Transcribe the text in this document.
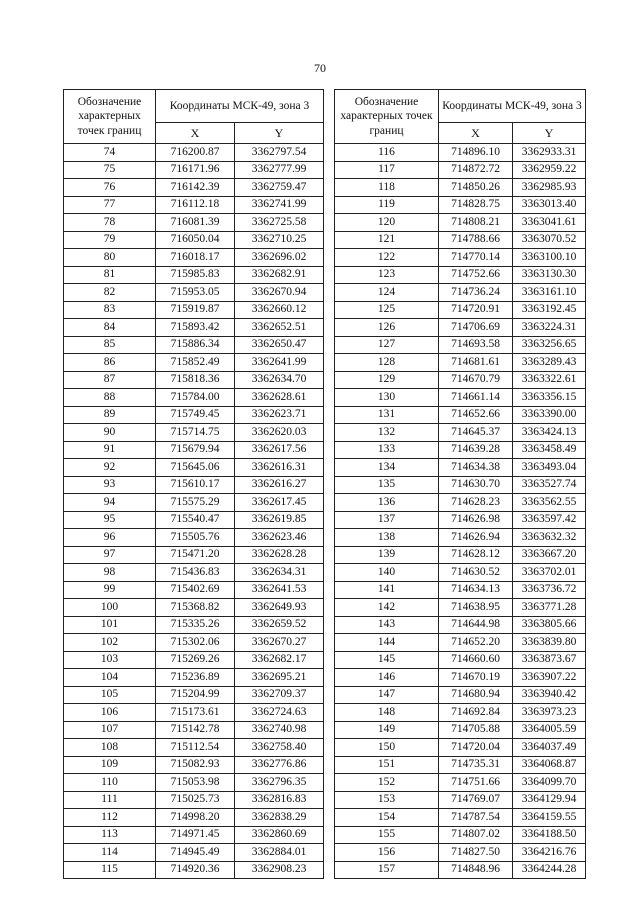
70
Обозначение характерных точек границ	Координаты МСК-49, зона 3	
	X	Y
74	716200.87	3362797.54
75	716171.96	3362777.99
76	716142.39	3362759.47
77	716112.18	3362741.99
78	716081.39	3362725.58
79	716050.04	3362710.25
80	716018.17	3362696.02
81	715985.83	3362682.91
82	715953.05	3362670.94
83	715919.87	3362660.12
84	715893.42	3362652.51
85	715886.34	3362650.47
86	715852.49	3362641.99
87	715818.36	3362634.70
88	715784.00	3362628.61
89	715749.45	3362623.71
90	715714.75	3362620.03
91	715679.94	3362617.56
92	715645.06	3362616.31
93	715610.17	3362616.27
94	715575.29	3362617.45
95	715540.47	3362619.85
96	715505.76	3362623.46
97	715471.20	3362628.28
98	715436.83	3362634.31
99	715402.69	3362641.53
100	715368.82	3362649.93
101	715335.26	3362659.52
102	715302.06	3362670.27
103	715269.26	3362682.17
104	715236.89	3362695.21
105	715204.99	3362709.37
106	715173.61	3362724.63
107	715142.78	3362740.98
108	715112.54	3362758.40
109	715082.93	3362776.86
110	715053.98	3362796.35
111	715025.73	3362816.83
112	714998.20	3362838.29
113	714971.45	3362860.69
114	714945.49	3362884.01
115	714920.36	3362908.23
Обозначение характерных точек границ	Координаты МСК-49, зона 3	
	X	Y
116	714896.10	3362933.31
117	714872.72	3362959.22
118	714850.26	3362985.93
119	714828.75	3363013.40
120	714808.21	3363041.61
121	714788.66	3363070.52
122	714770.14	3363100.10
123	714752.66	3363130.30
124	714736.24	3363161.10
125	714720.91	3363192.45
126	714706.69	3363224.31
127	714693.58	3363256.65
128	714681.61	3363289.43
129	714670.79	3363322.61
130	714661.14	3363356.15
131	714652.66	3363390.00
132	714645.37	3363424.13
133	714639.28	3363458.49
134	714634.38	3363493.04
135	714630.70	3363527.74
136	714628.23	3363562.55
137	714626.98	3363597.42
138	714626.94	3363632.32
139	714628.12	3363667.20
140	714630.52	3363702.01
141	714634.13	3363736.72
142	714638.95	3363771.28
143	714644.98	3363805.66
144	714652.20	3363839.80
145	714660.60	3363873.67
146	714670.19	3363907.22
147	714680.94	3363940.42
148	714692.84	3363973.23
149	714705.88	3364005.59
150	714720.04	3364037.49
151	714735.31	3364068.87
152	714751.66	3364099.70
153	714769.07	3364129.94
154	714787.54	3364159.55
155	714807.02	3364188.50
156	714827.50	3364216.76
157	714848.96	3364244.28
